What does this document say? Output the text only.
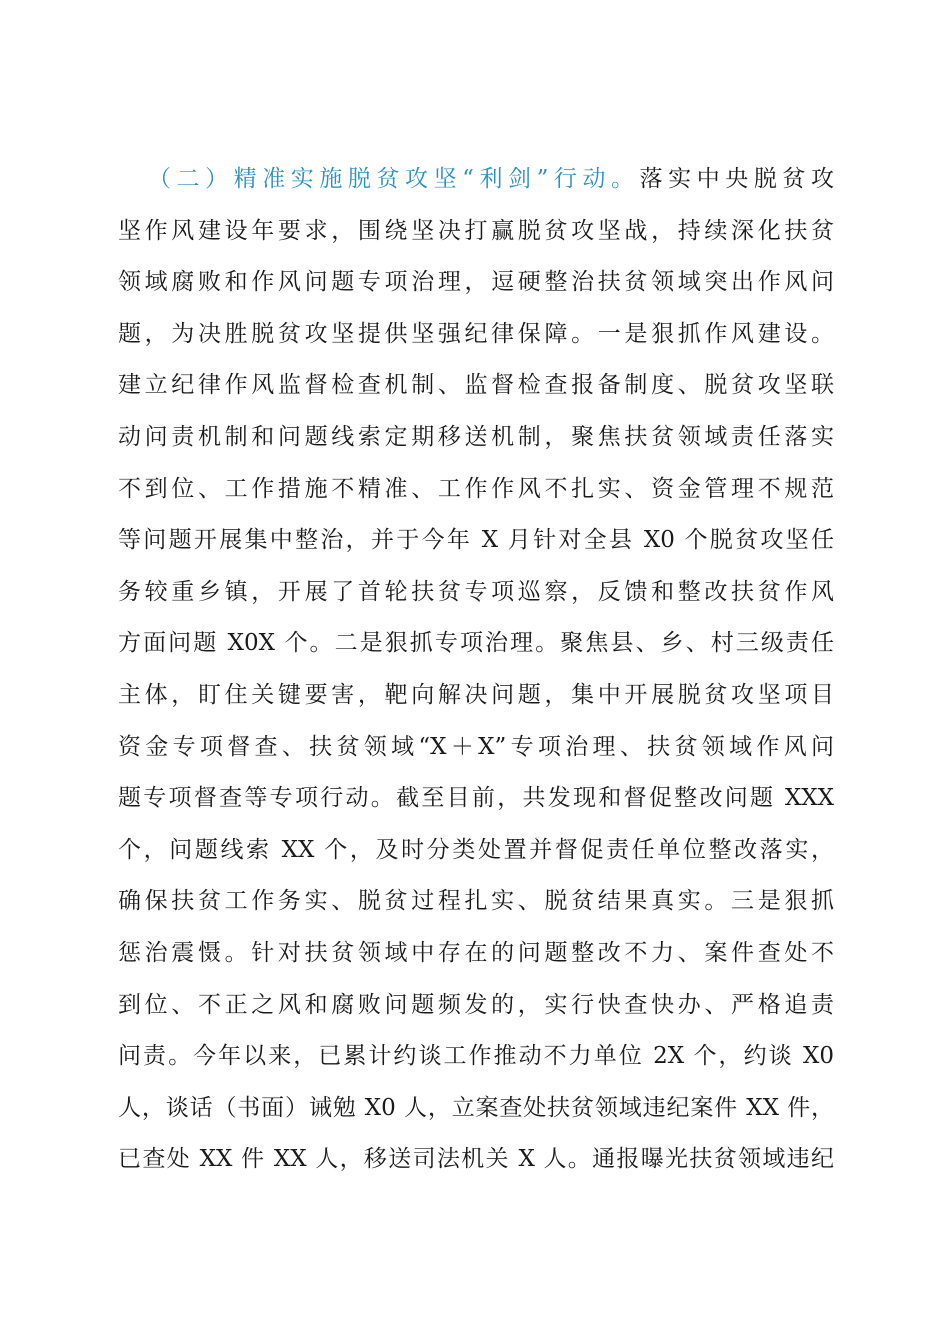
（二）精准实施脱贫攻坚“利剑”行动。落实中央脱贫攻
坚作风建设年要求，围绕坚决打赢脱贫攻坚战，持续深化扶贫
领域腐败和作风问题专项治理，逗硬整治扶贫领域突出作风问
题，为决胜脱贫攻坚提供坚强纪律保障。一是狠抓作风建设。
建立纪律作风监督检查机制、监督检查报备制度、脱贫攻坚联
动问责机制和问题线索定期移送机制，聚焦扶贫领域责任落实
不到位、工作措施不精准、工作作风不扎实、资金管理不规范
等问题开展集中整治，并于今年 X 月针对全县 X0 个脱贫攻坚任
务较重乡镇，开展了首轮扶贫专项巡察，反馈和整改扶贫作风
方面问题 X0X 个。二是狠抓专项治理。聚焦县、乡、村三级责任
主体，盯住关键要害，靶向解决问题，集中开展脱贫攻坚项目
资金专项督查、扶贫领域“X＋X”专项治理、扶贫领域作风问
题专项督查等专项行动。截至目前，共发现和督促整改问题 XXX
个，问题线索 XX 个，及时分类处置并督促责任单位整改落实，
确保扶贫工作务实、脱贫过程扎实、脱贫结果真实。三是狠抓
惩治震慑。针对扶贫领域中存在的问题整改不力、案件查处不
到位、不正之风和腐败问题频发的，实行快查快办、严格追责
问责。今年以来，已累计约谈工作推动不力单位 2X 个，约谈 X0
人，谈话（书面）诫勉 X0 人，立案查处扶贫领域违纪案件 XX 件，
已查处 XX 件 XX 人，移送司法机关 X 人。通报曝光扶贫领域违纪
